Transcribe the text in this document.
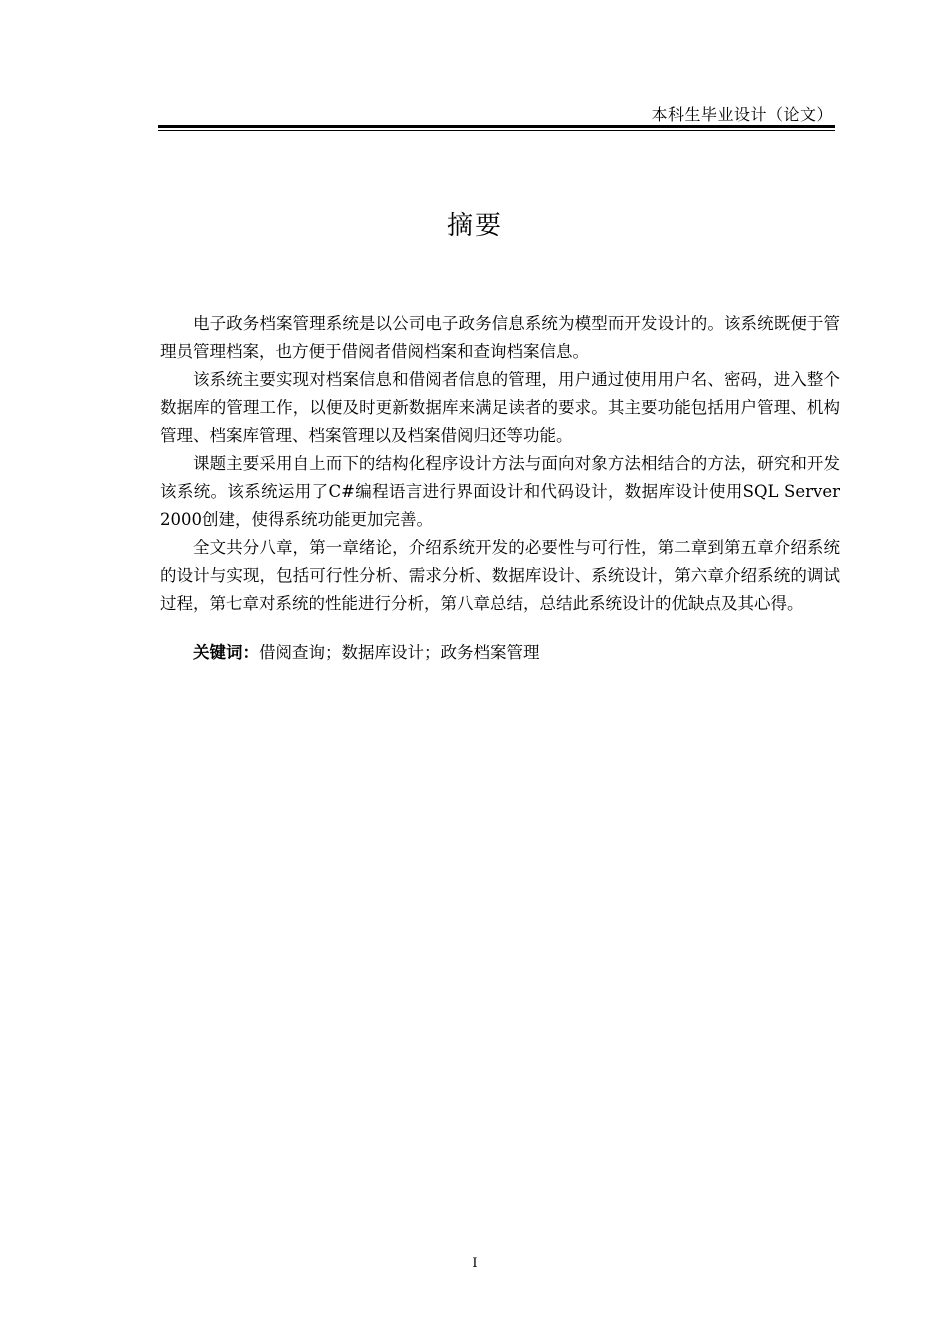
本科生毕业设计（论文）
摘要

电子政务档案管理系统是以公司电子政务信息系统为模型而开发设计的。该系统既便于管理员管理档案，也方便于借阅者借阅档案和查询档案信息。

该系统主要实现对档案信息和借阅者信息的管理，用户通过使用用户名、密码，进入整个数据库的管理工作，以便及时更新数据库来满足读者的要求。其主要功能包括用户管理、机构管理、档案库管理、档案管理以及档案借阅归还等功能。

课题主要采用自上而下的结构化程序设计方法与面向对象方法相结合的方法，研究和开发该系统。该系统运用了C#编程语言进行界面设计和代码设计，数据库设计使用SQL Server 2000创建，使得系统功能更加完善。

全文共分八章，第一章绪论，介绍系统开发的必要性与可行性，第二章到第五章介绍系统的设计与实现，包括可行性分析、需求分析、数据库设计、系统设计，第六章介绍系统的调试过程，第七章对系统的性能进行分析，第八章总结，总结此系统设计的优缺点及其心得。

关键词：借阅查询；数据库设计；政务档案管理

I
